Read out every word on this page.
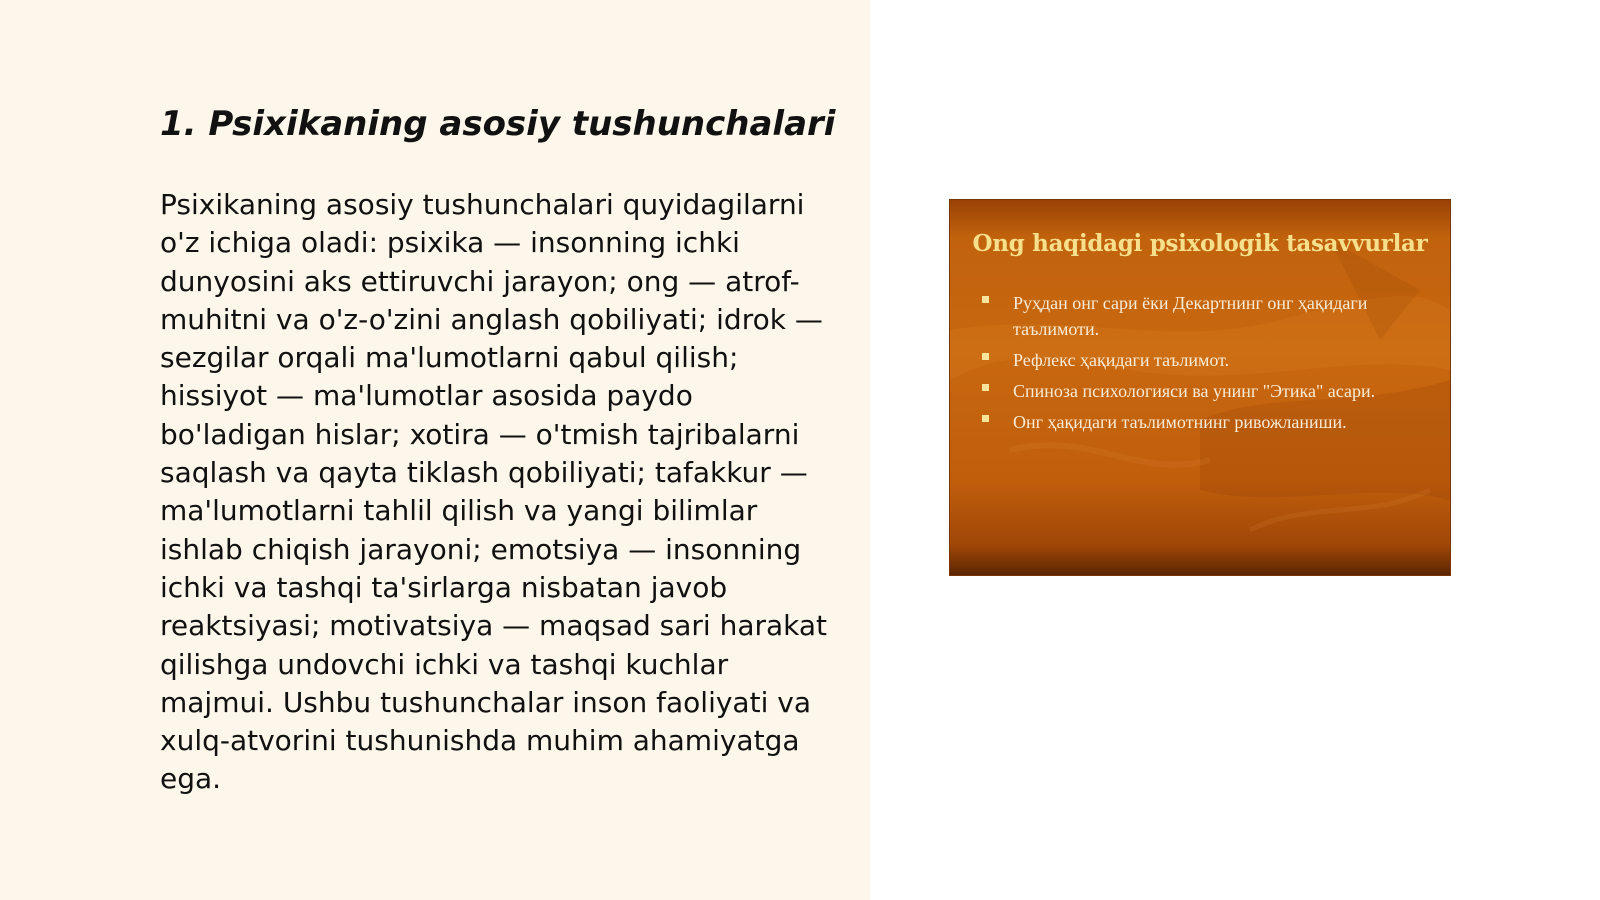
1. Psixikaning asosiy tushunchalari

Psixikaning asosiy tushunchalari quyidagilarni o'z ichiga oladi: psixika — insonning ichki dunyosini aks ettiruvchi jarayon; ong — atrof-muhitni va o'z-o'zini anglash qobiliyati; idrok — sezgilar orqali ma'lumotlarni qabul qilish; hissiyot — ma'lumotlar asosida paydo bo'ladigan hislar; xotira — o'tmish tajribalarni saqlash va qayta tiklash qobiliyati; tafakkur — ma'lumotlarni tahlil qilish va yangi bilimlar ishlab chiqish jarayoni; emotsiya — insonning ichki va tashqi ta'sirlarga nisbatan javob reaktsiyasi; motivatsiya — maqsad sari harakat qilishga undovchi ichki va tashqi kuchlar majmui. Ushbu tushunchalar inson faoliyati va xulq-atvorini tushunishda muhim ahamiyatga ega.

Ong haqidagi psixologik tasavvurlar
Руҳдан онг сари ёки Декартнинг онг ҳақидаги таълимоти.
Рефлекс ҳақидаги таълимот.
Спиноза психологияси ва унинг "Этика" асари.
Онг ҳақидаги таълимотнинг ривожланиши.
